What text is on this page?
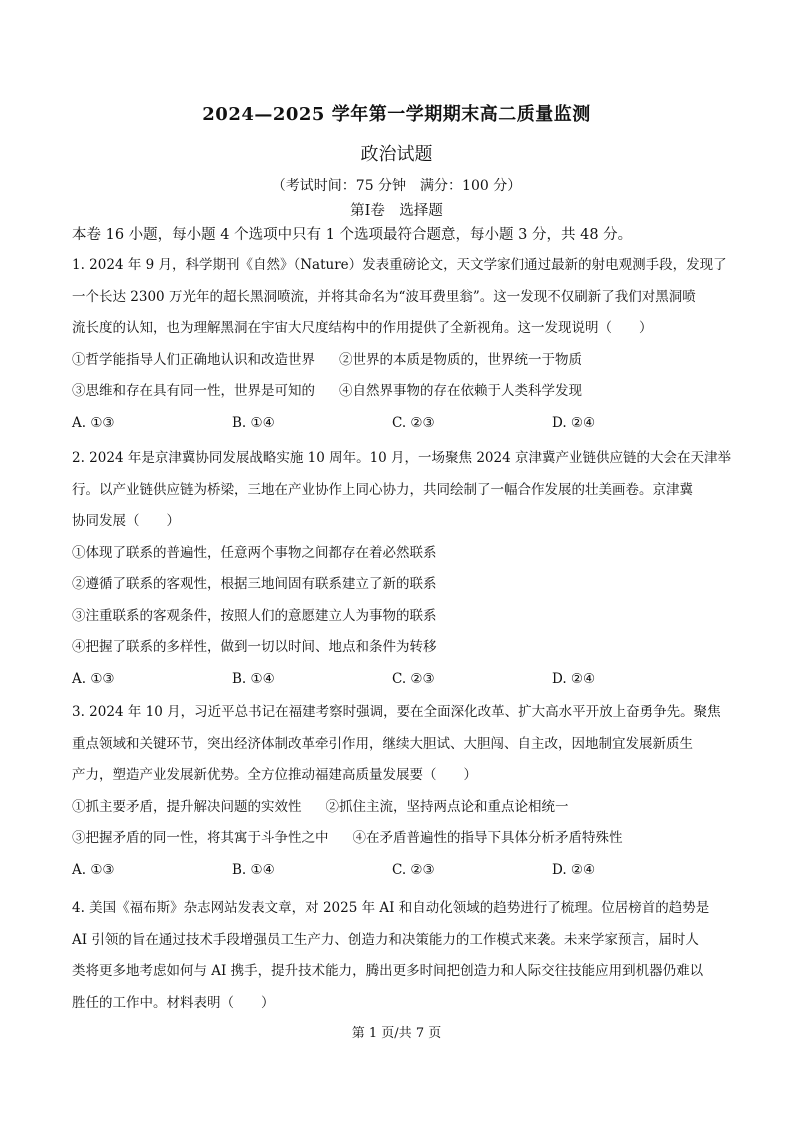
2024—2025 学年第一学期期末高二质量监测
政治试题
（考试时间：75 分钟　满分：100 分）
第Ⅰ卷　选择题
本卷 16 小题，每小题 4 个选项中只有 1 个选项最符合题意，每小题 3 分，共 48 分。
1. 2024 年 9 月，科学期刊《自然》（Nature）发表重磅论文，天文学家们通过最新的射电观测手段，发现了
一个长达 2300 万光年的超长黑洞喷流，并将其命名为“波耳费里翁”。这一发现不仅刷新了我们对黑洞喷
流长度的认知，也为理解黑洞在宇宙大尺度结构中的作用提供了全新视角。这一发现说明（　　）
①哲学能指导人们正确地认识和改造世界 ②世界的本质是物质的，世界统一于物质
③思维和存在具有同一性，世界是可知的 ④自然界事物的存在依赖于人类科学发现
A. ①③	B. ①④	C. ②③	D. ②④
2. 2024 年是京津冀协同发展战略实施 10 周年。10 月，一场聚焦 2024 京津冀产业链供应链的大会在天津举
行。以产业链供应链为桥梁，三地在产业协作上同心协力，共同绘制了一幅合作发展的壮美画卷。京津冀
协同发展（　　）
①体现了联系的普遍性，任意两个事物之间都存在着必然联系
②遵循了联系的客观性，根据三地间固有联系建立了新的联系
③注重联系的客观条件，按照人们的意愿建立人为事物的联系
④把握了联系的多样性，做到一切以时间、地点和条件为转移
A. ①③	B. ①④	C. ②③	D. ②④
3. 2024 年 10 月，习近平总书记在福建考察时强调，要在全面深化改革、扩大高水平开放上奋勇争先。聚焦
重点领域和关键环节，突出经济体制改革牵引作用，继续大胆试、大胆闯、自主改，因地制宜发展新质生
产力，塑造产业发展新优势。全方位推动福建高质量发展要（　　）
①抓主要矛盾，提升解决问题的实效性 ②抓住主流，坚持两点论和重点论相统一
③把握矛盾的同一性，将其寓于斗争性之中 ④在矛盾普遍性的指导下具体分析矛盾特殊性
A. ①③	B. ①④	C. ②③	D. ②④
4. 美国《福布斯》杂志网站发表文章，对 2025 年 AI 和自动化领域的趋势进行了梳理。位居榜首的趋势是
AI 引领的旨在通过技术手段增强员工生产力、创造力和决策能力的工作模式来袭。未来学家预言，届时人
类将更多地考虑如何与 AI 携手，提升技术能力，腾出更多时间把创造力和人际交往技能应用到机器仍难以
胜任的工作中。材料表明（　　）
第 1 页/共 7 页
